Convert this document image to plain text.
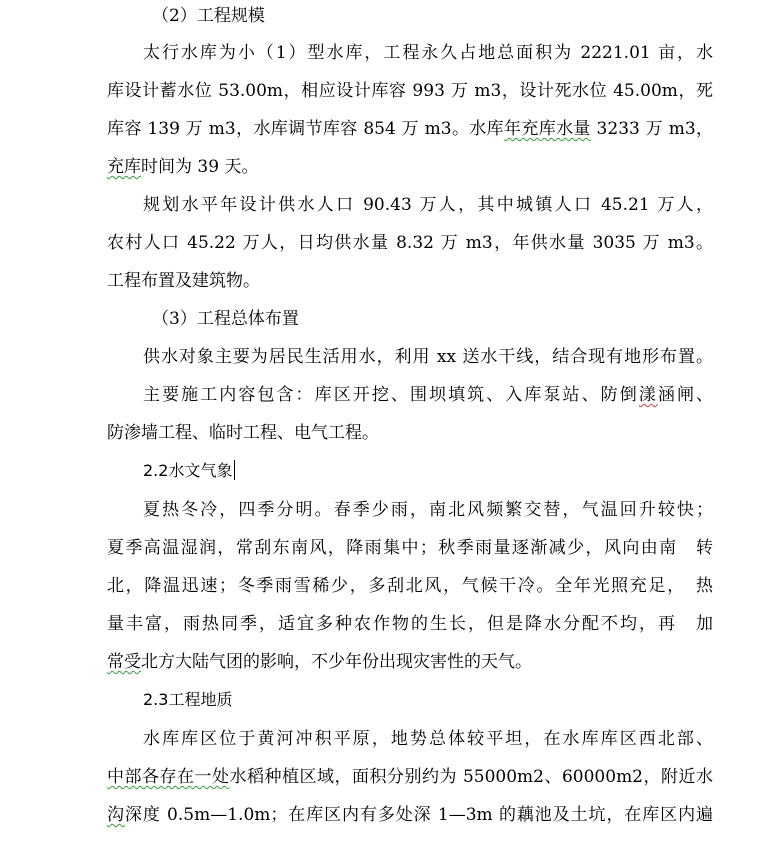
（2）工程规模
太行水库为小（1）型水库，工程永久占地总面积为 2221.01 亩，水
库设计蓄水位 53.00m，相应设计库容 993 万 m3，设计死水位 45.00m，死
库容 139 万 m3，水库调节库容 854 万 m3。水库年充库水量 3233 万 m3，
充库时间为 39 天。
规划水平年设计供水人口 90.43 万人，其中城镇人口 45.21 万人，
农村人口 45.22 万人，日均供水量 8.32 万 m3，年供水量 3035 万 m3。
工程布置及建筑物。
（3）工程总体布置
供水对象主要为居民生活用水，利用 xx 送水干线，结合现有地形布置。
主要施工内容包含：库区开挖、围坝填筑、入库泵站、防倒漾涵闸、
防渗墙工程、临时工程、电气工程。
2.2水文气象
夏热冬冷，四季分明。春季少雨，南北风频繁交替，气温回升较快；
夏季高温湿润，常刮东南风，降雨集中；秋季雨量逐渐减少，风向由南　转
北，降温迅速；冬季雨雪稀少，多刮北风，气候干冷。全年光照充足，　热
量丰富，雨热同季，适宜多种农作物的生长，但是降水分配不均，再　加
常受北方大陆气团的影响，不少年份出现灾害性的天气。
2.3工程地质
水库库区位于黄河冲积平原，地势总体较平坦，在水库库区西北部、
中部各存在一处水稻种植区域，面积分别约为 55000m2、60000m2，附近水
沟深度 0.5m—1.0m；在库区内有多处深 1—3m 的藕池及土坑，在库区内遍
